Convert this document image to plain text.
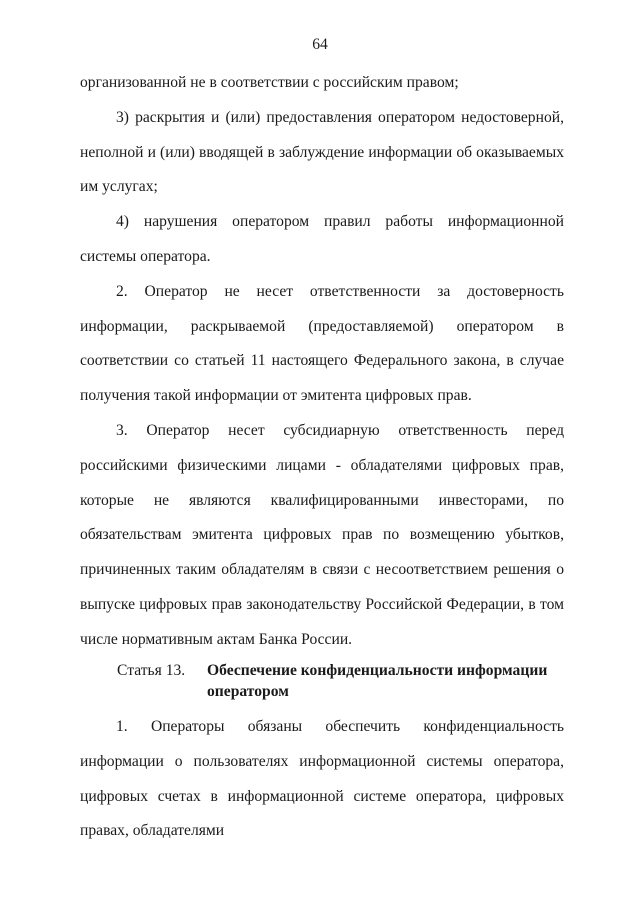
64

организованной не в соответствии с российским правом;

3) раскрытия и (или) предоставления оператором недостоверной, неполной и (или) вводящей в заблуждение информации об оказываемых им услугах;

4) нарушения оператором правил работы информационной системы оператора.

2. Оператор не несет ответственности за достоверность информации, раскрываемой (предоставляемой) оператором в соответствии со статьей 11 настоящего Федерального закона, в случае получения такой информации от эмитента цифровых прав.

3. Оператор несет субсидиарную ответственность перед российскими физическими лицами - обладателями цифровых прав, которые не являются квалифицированными инвесторами, по обязательствам эмитента цифровых прав по возмещению убытков, причиненных таким обладателям в связи с несоответствием решения о выпуске цифровых прав законодательству Российской Федерации, в том числе нормативным актам Банка России.

Статья 13.	Обеспечение конфиденциальности информации оператором

1. Операторы обязаны обеспечить конфиденциальность информации о пользователях информационной системы оператора, цифровых счетах в информационной системе оператора, цифровых правах, обладателями
